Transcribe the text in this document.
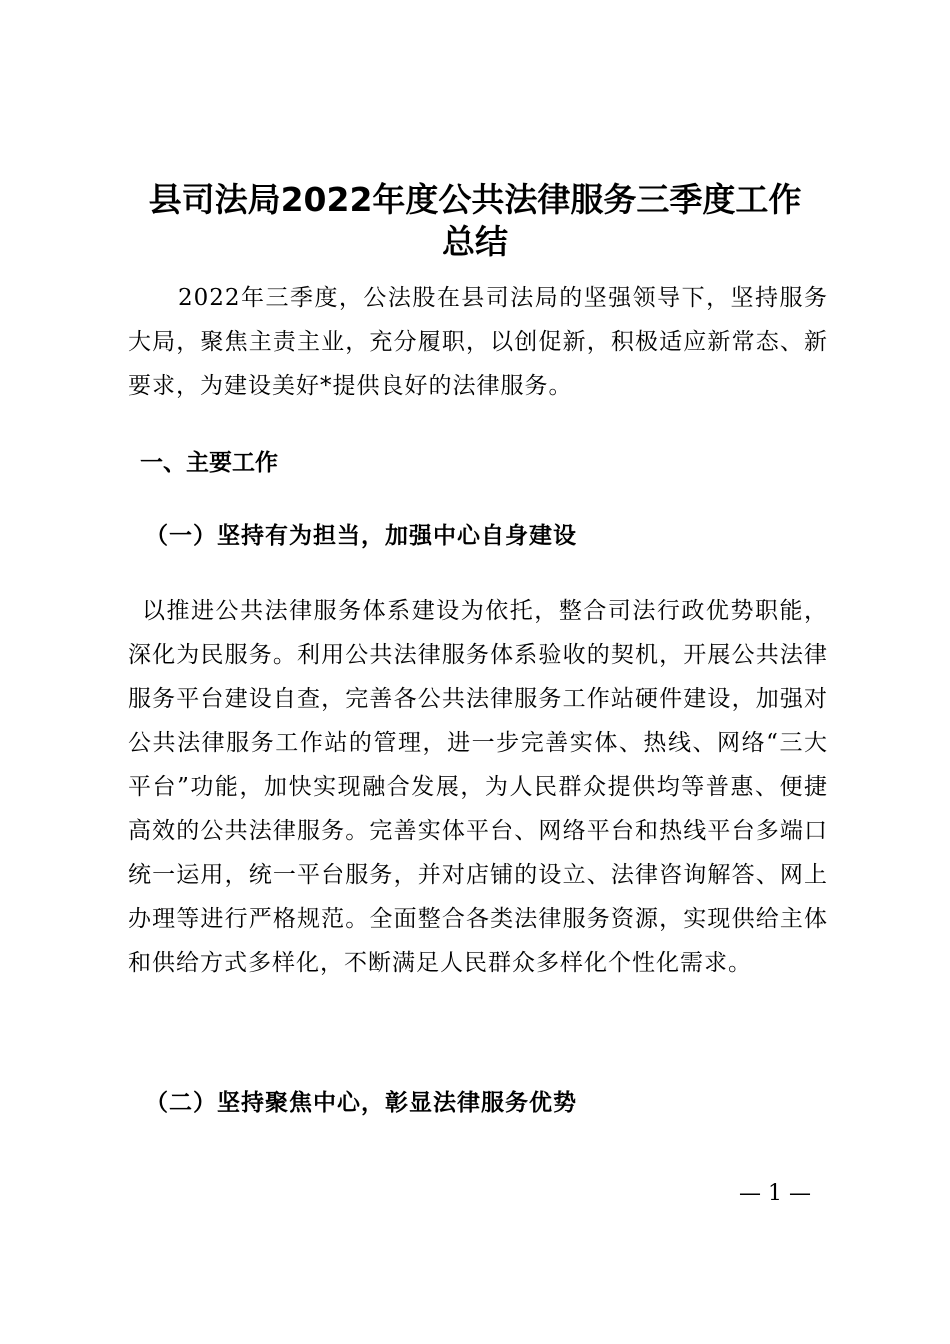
县司法局2022年度公共法律服务三季度工作
总结

2022年三季度，公法股在县司法局的坚强领导下，坚持服务大局，聚焦主责主业，充分履职，以创促新，积极适应新常态、新要求，为建设美好*提供良好的法律服务。

一、主要工作
（一）坚持有为担当，加强中心自身建设

以推进公共法律服务体系建设为依托，整合司法行政优势职能，深化为民服务。利用公共法律服务体系验收的契机，开展公共法律服务平台建设自查，完善各公共法律服务工作站硬件建设，加强对公共法律服务工作站的管理，进一步完善实体、热线、网络“三大平台”功能，加快实现融合发展，为人民群众提供均等普惠、便捷高效的公共法律服务。完善实体平台、网络平台和热线平台多端口统一运用，统一平台服务，并对店铺的设立、法律咨询解答、网上办理等进行严格规范。全面整合各类法律服务资源，实现供给主体和供给方式多样化，不断满足人民群众多样化个性化需求。

（二）坚持聚焦中心，彰显法律服务优势
— 1 —
